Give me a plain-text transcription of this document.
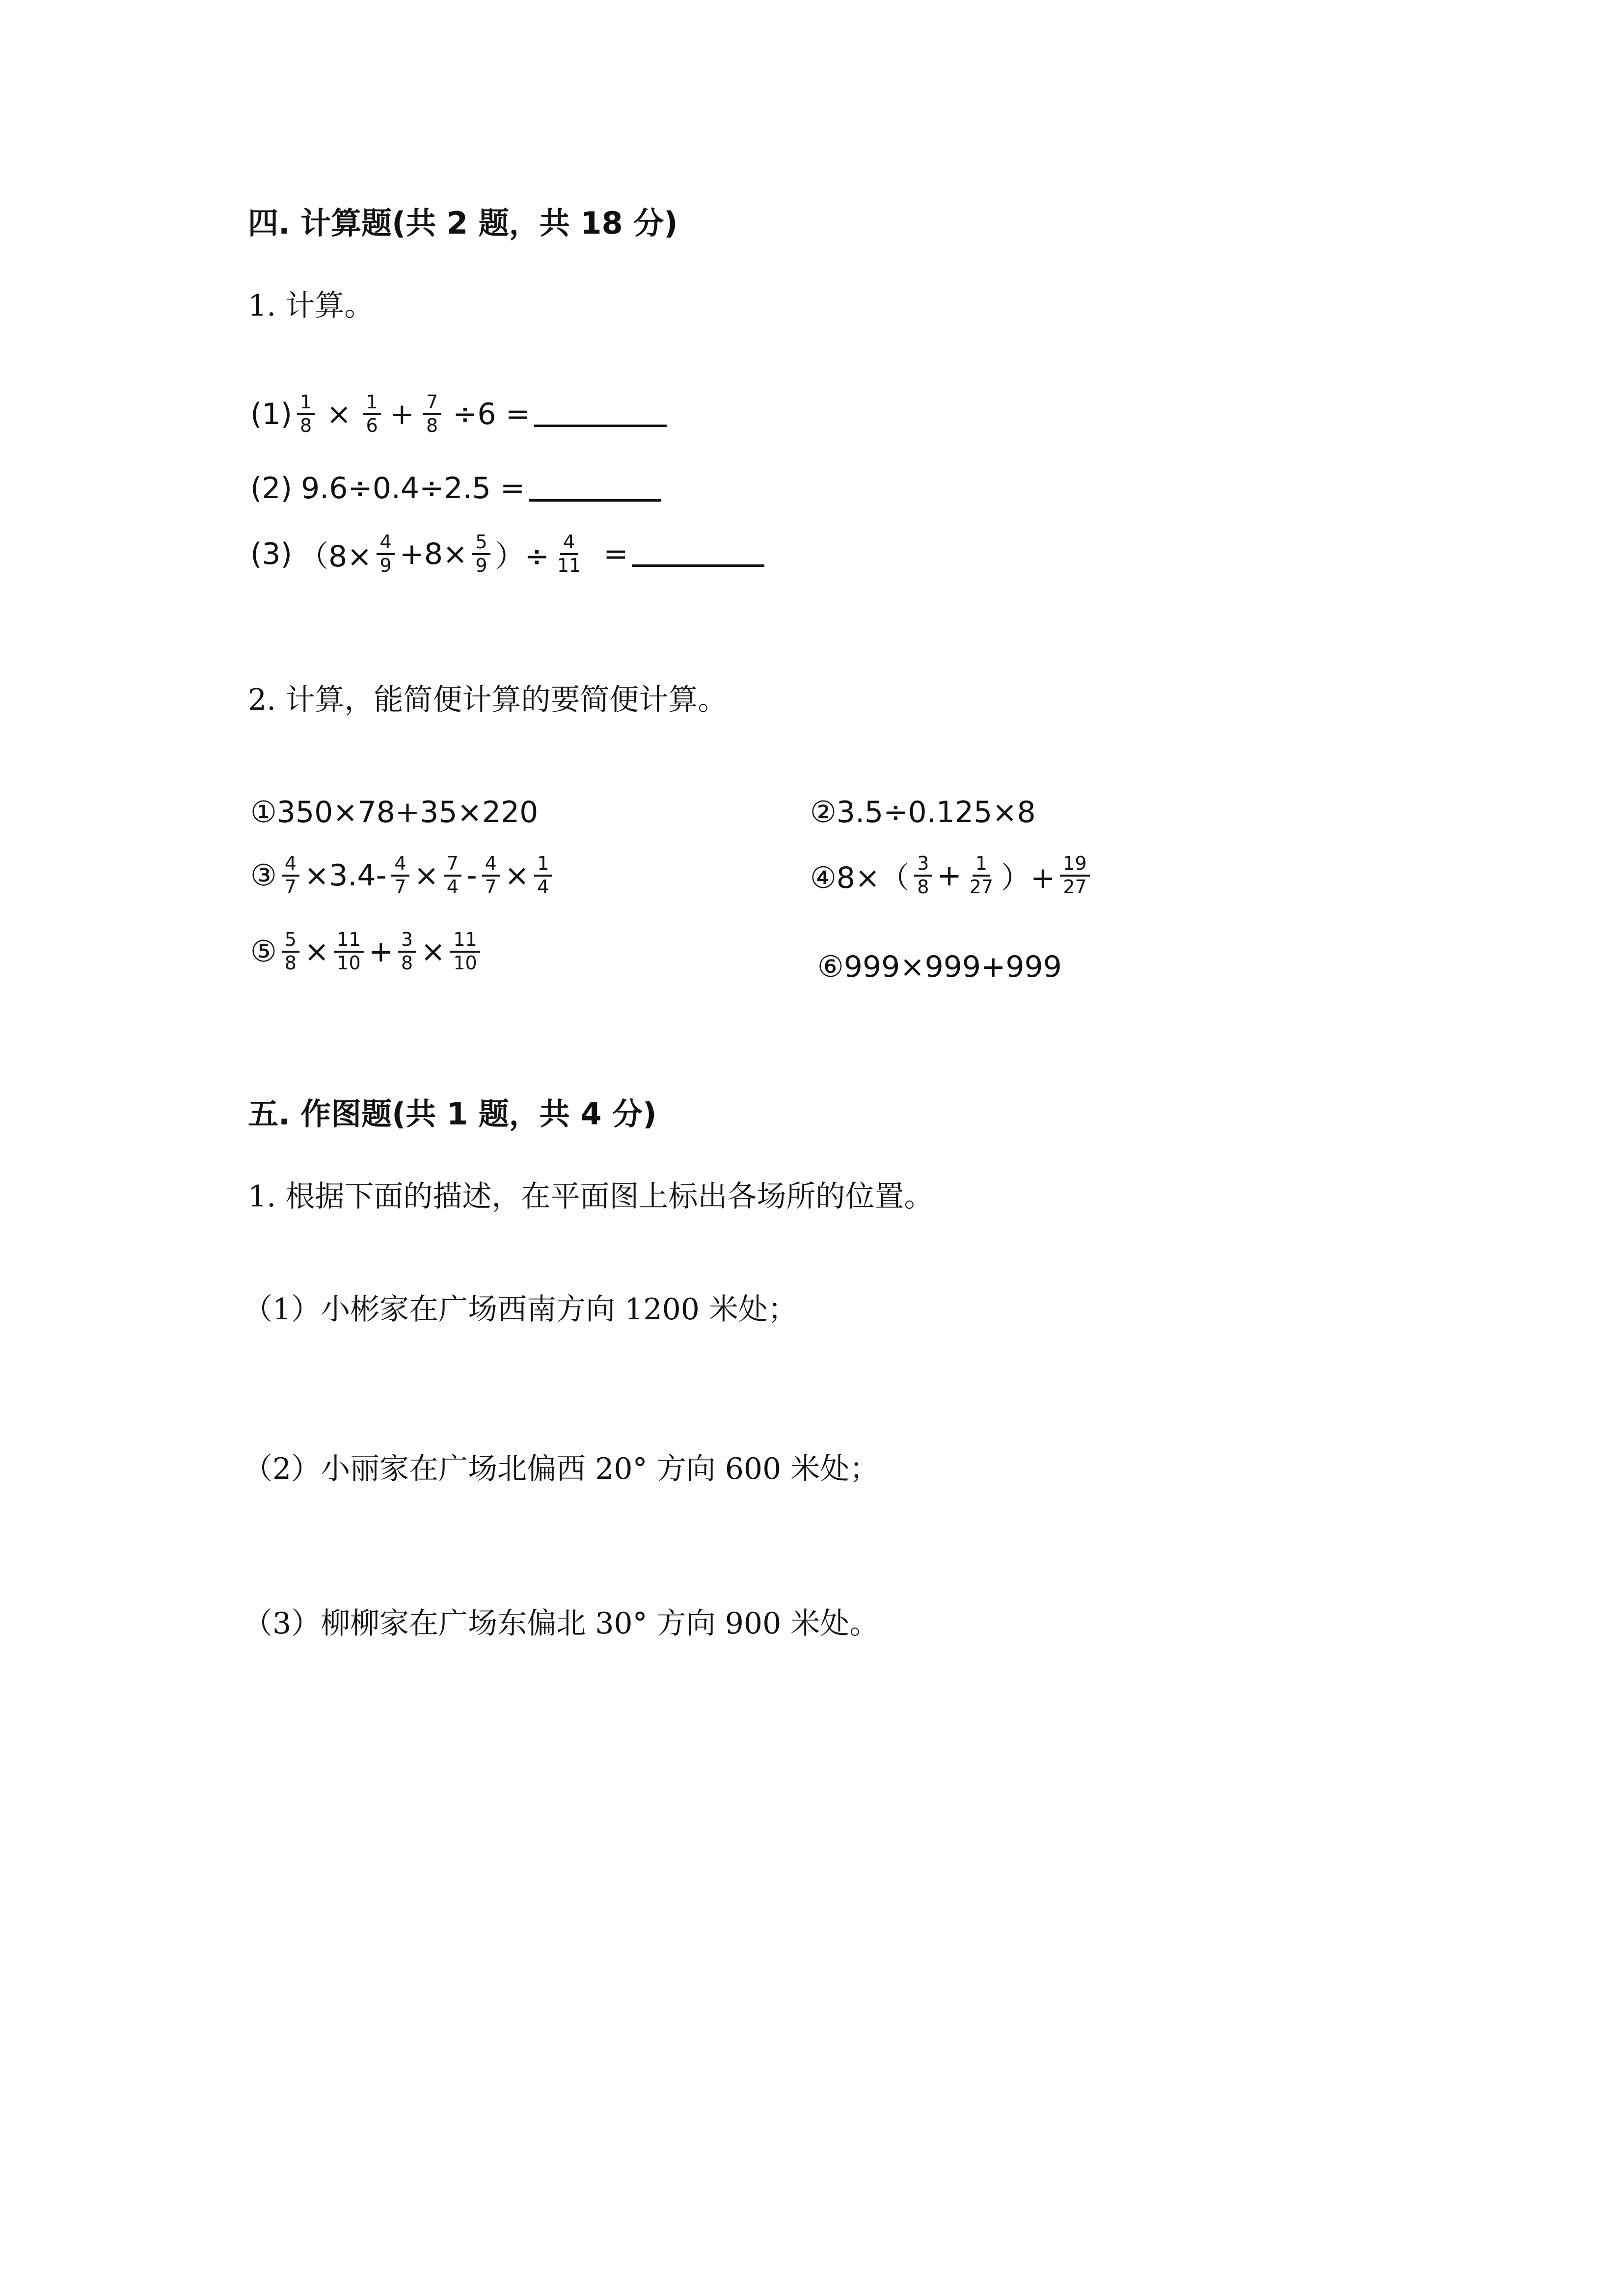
四. 计算题(共 2 题，共 18 分)
1. 计算。
$(1) \frac{1}{8} \times \frac{1}{6} + \frac{7}{8} \div 6$ =
(2) 9.6÷0.4÷2.5 =
(3) （$8\times \frac{4}{9} +8\times \frac{5}{9}$ ）÷ $\frac{4}{11}$ =
2. 计算，能简便计算的要简便计算。
①350×78+35×220	②3.5÷0.125×8
③ $\frac{4}{7} \times 3.4- \frac{4}{7} \times \frac{7}{4} - \frac{4}{7} \times \frac{1}{4}$	④8×（ $\frac{3}{8} + \frac{1}{27}$ ）+ $\frac{19}{27}$
⑤ $\frac{5}{8} \times \frac{11}{10} + \frac{3}{8} \times \frac{11}{10}$	⑥999×999+999
五. 作图题(共 1 题，共 4 分)
1. 根据下面的描述，在平面图上标出各场所的位置。
（1）小彬家在广场西南方向 1200 米处；
（2）小丽家在广场北偏西 20° 方向 600 米处；
（3）柳柳家在广场东偏北 30° 方向 900 米处。
